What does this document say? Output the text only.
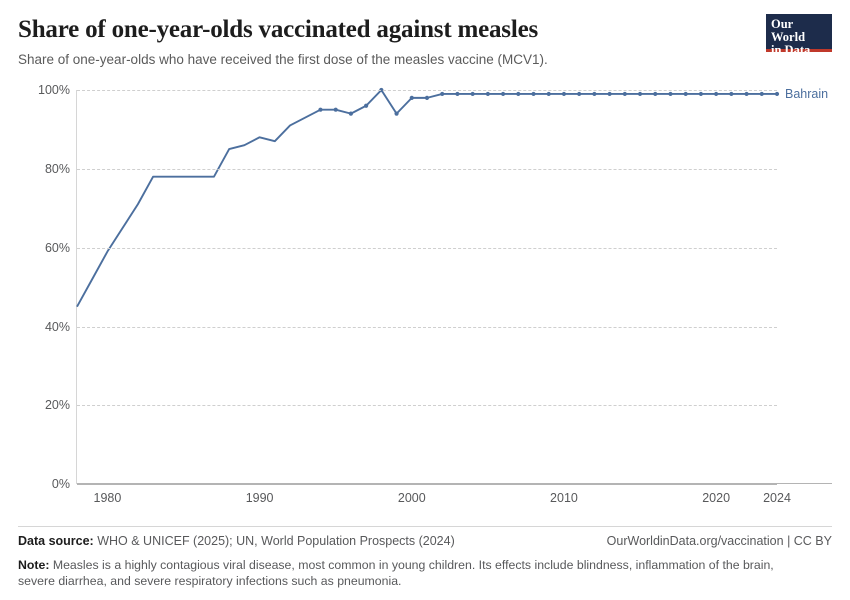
Share of one-year-olds vaccinated against measles

Share of one-year-olds who have received the first dose of the measles vaccine (MCV1).

Our World
in Data
0%
20%
40%
60%
80%
100%
1980	1990	2000	2010	2020	2024
Bahrain
Data source: WHO & UNICEF (2025); UN, World Population Prospects (2024)	OurWorldinData.org/vaccination | CC BY
Note: Measles is a highly contagious viral disease, most common in young children. Its effects include blindness, inflammation of the brain, severe diarrhea, and severe respiratory infections such as pneumonia.
